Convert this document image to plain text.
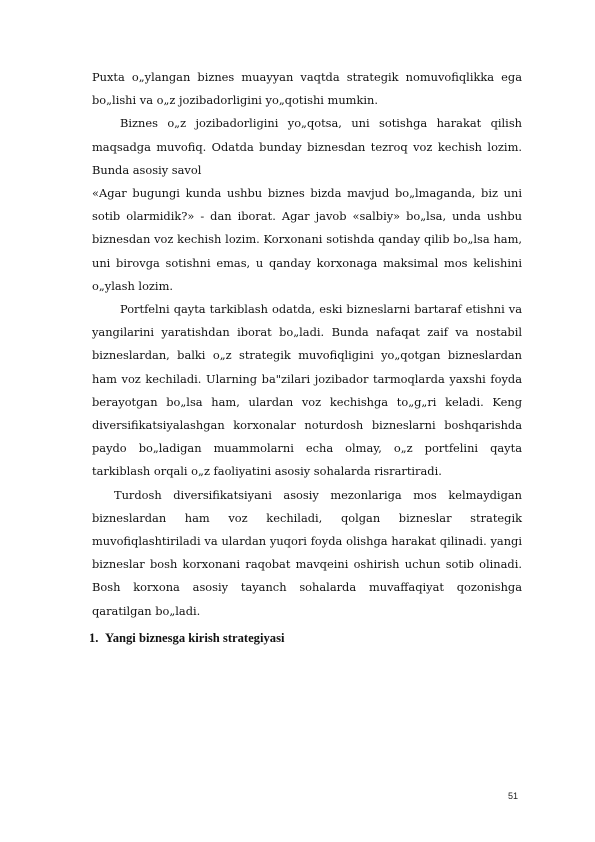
Puxta o„ylangan biznes muayyan vaqtda strategik nomuvofiqlikka ega bo„lishi va o„z jozibadorligini yo„qotishi mumkin.

Biznes o„z jozibadorligini yo„qotsa, uni sotishga harakat qilish maqsadga muvofiq. Odatda bunday biznesdan tezroq voz kechish lozim. Bunda asosiy savol

«Agar bugungi kunda ushbu biznes bizda mavjud bo„lmaganda, biz uni sotib olarmidik?» - dan iborat. Agar javob «salbiy» bo„lsa, unda ushbu biznesdan voz kechish lozim. Korxonani sotishda qanday qilib bo„lsa ham, uni birovga sotishni emas, u qanday korxonaga maksimal mos kelishini o„ylash lozim.

Portfelni qayta tarkiblash odatda, eski bizneslarni bartaraf etishni va yangilarini yaratishdan iborat bo„ladi. Bunda nafaqat zaif va nostabil bizneslardan, balki o„z strategik muvofiqligini yo„qotgan bizneslardan ham voz kechiladi. Ularning ba"zilari jozibador tarmoqlarda yaxshi foyda berayotgan bo„lsa ham, ulardan voz kechishga to„g„ri keladi. Keng diversifikatsiyalashgan korxonalar noturdosh bizneslarni boshqarishda paydo bo„ladigan muammolarni echa olmay, o„z portfelini qayta tarkiblash orqali o„z faoliyatini asosiy sohalarda risrartiradi.

Turdosh diversifikatsiyani asosiy mezonlariga mos kelmaydigan bizneslardan ham voz kechiladi, qolgan bizneslar strategik muvofiqlashtiriladi va ulardan yuqori foyda olishga harakat qilinadi. yangi bizneslar bosh korxonani raqobat mavqeini oshirish uchun sotib olinadi. Bosh korxona asosiy tayanch sohalarda muvaffaqiyat qozonishga qaratilgan bo„ladi.

1. Yangi biznesga kirish strategiyasi
51
